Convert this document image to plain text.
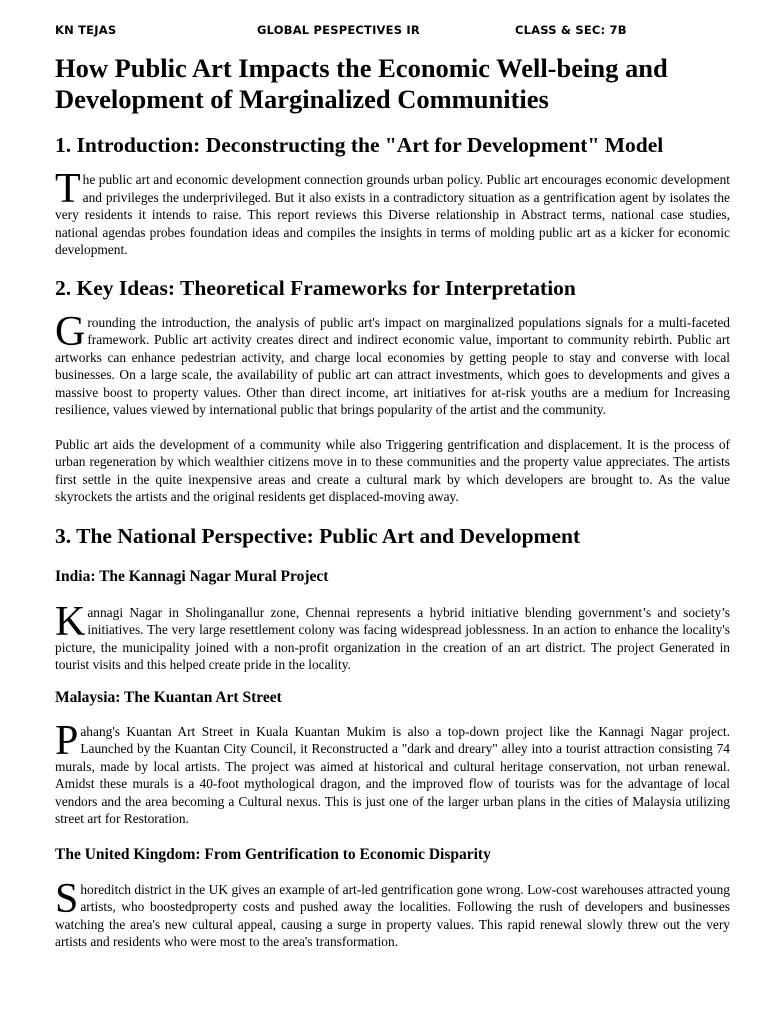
KN TEJAS	GLOBAL PESPECTIVES IR	CLASS & SEC: 7B
How Public Art Impacts the Economic Well-being and Development of Marginalized Communities
1. Introduction: Deconstructing the "Art for Development" Model

The public art and economic development connection grounds urban policy. Public art encourages economic development and privileges the underprivileged. But it also exists in a contradictory situation as a gentrification agent by isolates the very residents it intends to raise. This report reviews this Diverse relationship in Abstract terms, national case studies, national agendas probes foundation ideas and compiles the insights in terms of molding public art as a kicker for economic development.

2. Key Ideas: Theoretical Frameworks for Interpretation

Grounding the introduction, the analysis of public art's impact on marginalized populations signals for a multi-faceted framework. Public art activity creates direct and indirect economic value, important to community rebirth. Public art artworks can enhance pedestrian activity, and charge local economies by getting people to stay and converse with local businesses. On a large scale, the availability of public art can attract investments, which goes to developments and gives a massive boost to property values. Other than direct income, art initiatives for at-risk youths are a medium for Increasing resilience, values viewed by international public that brings popularity of the artist and the community.

Public art aids the development of a community while also Triggering gentrification and displacement. It is the process of urban regeneration by which wealthier citizens move in to these communities and the property value appreciates. The artists first settle in the quite inexpensive areas and create a cultural mark by which developers are brought to. As the value skyrockets the artists and the original residents get displaced-moving away.

3. The National Perspective: Public Art and Development
India: The Kannagi Nagar Mural Project

Kannagi Nagar in Sholinganallur zone, Chennai represents a hybrid initiative blending government’s and society’s initiatives. The very large resettlement colony was facing widespread joblessness. In an action to enhance the locality's picture, the municipality joined with a non-profit organization in the creation of an art district. The project Generated in tourist visits and this helped create pride in the locality.

Malaysia: The Kuantan Art Street

Pahang's Kuantan Art Street in Kuala Kuantan Mukim is also a top-down project like the Kannagi Nagar project. Launched by the Kuantan City Council, it Reconstructed a "dark and dreary" alley into a tourist attraction consisting 74 murals, made by local artists. The project was aimed at historical and cultural heritage conservation, not urban renewal. Amidst these murals is a 40-foot mythological dragon, and the improved flow of tourists was for the advantage of local vendors and the area becoming a Cultural nexus. This is just one of the larger urban plans in the cities of Malaysia utilizing street art for Restoration.

The United Kingdom: From Gentrification to Economic Disparity

Shoreditch district in the UK gives an example of art-led gentrification gone wrong. Low-cost warehouses attracted young artists, who boostedproperty costs and pushed away the localities. Following the rush of developers and businesses watching the area's new cultural appeal, causing a surge in property values. This rapid renewal slowly threw out the very artists and residents who were most to the area's transformation.
